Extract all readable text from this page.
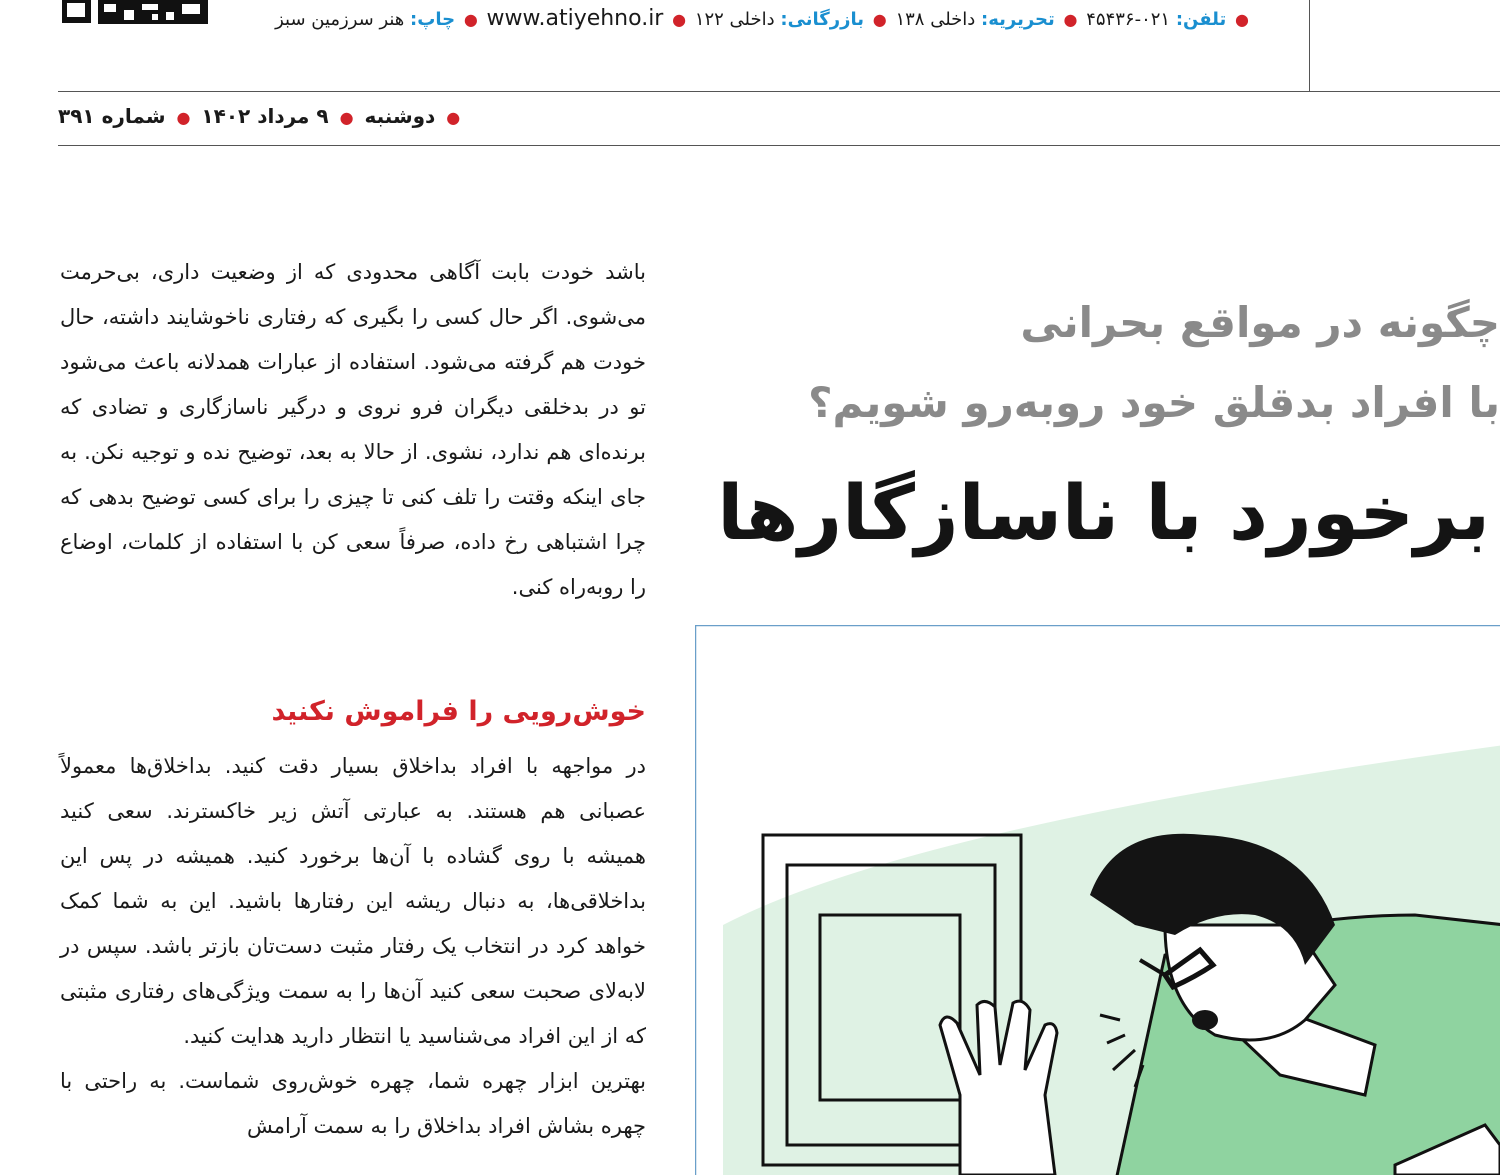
● تلفن: ۰۲۱-۴۵۴۳۶ ● تحریریه: داخلی ۱۳۸ ● بازرگانی: داخلی ۱۲۲ ● www.atiyehno.ir ● چاپ: هنر سرزمین سبز
● دوشنبه ● ۹ مرداد ۱۴۰۲ ● شماره ۳۹۱
چگونه در مواقع بحرانی
با افراد بدقلق خود روبه‌رو شویم؟
برخورد با ناسازگارها

باشد خودت بابت آگاهی محدودی که از وضعیت داری، بی‌حرمت می‌شوی. اگر حال کسی را بگیری که رفتاری ناخوشایند داشته، حال خودت هم گرفته می‌شود. استفاده از عبارات همدلانه باعث می‌شود تو در بدخلقی دیگران فرو نروی و درگیر ناسازگاری و تضادی که برنده‌ای هم ندارد، نشوی. از حالا به بعد، توضیح نده و توجیه نکن. به جای اینکه وقتت را تلف کنی تا چیزی را برای کسی توضیح بدهی که چرا اشتباهی رخ داده، صرفاً سعی کن با استفاده از کلمات، اوضاع را روبه‌راه کنی.

خوش‌رویی را فراموش نکنید

در مواجهه با افراد بداخلاق بسیار دقت کنید. بداخلاق‌ها معمولاً عصبانی هم هستند. به عبارتی آتش زیر خاکسترند. سعی کنید همیشه با روی گشاده با آن‌ها برخورد کنید. همیشه در پس این بداخلاقی‌ها، به دنبال ریشه این رفتارها باشید. این به شما کمک خواهد کرد در انتخاب یک رفتار مثبت دست‌تان بازتر باشد. سپس در لابه‌لای صحبت سعی کنید آن‌ها را به سمت ویژگی‌های رفتاری مثبتی که از این افراد می‌شناسید یا انتظار دارید هدایت کنید.

بهترین ابزار چهره شما، چهره خوش‌روی شماست. به راحتی با چهره بشاش افراد بداخلاق را به سمت آرامش
